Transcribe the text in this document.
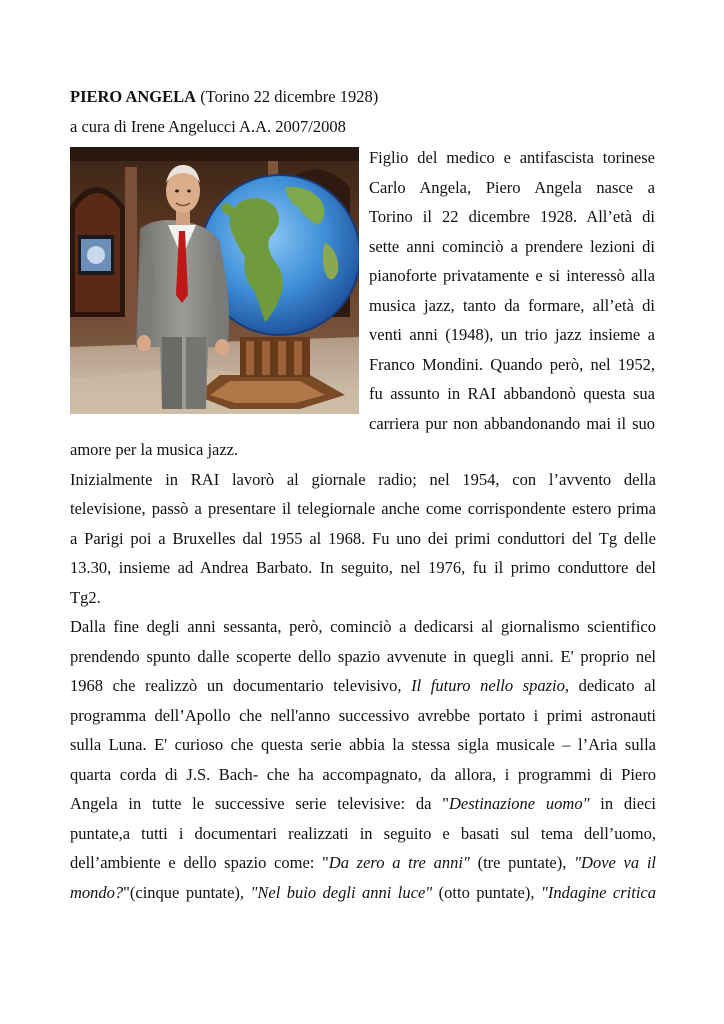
PIERO ANGELA (Torino 22 dicembre 1928)
a cura di Irene Angelucci A.A. 2007/2008
Figlio del medico e antifascista torinese
Carlo Angela, Piero Angela nasce a
Torino il 22 dicembre 1928. All’età di
sette anni cominciò a prendere lezioni di
pianoforte privatamente e si interessò alla
musica jazz, tanto da formare, all’età di
venti anni (1948), un trio jazz insieme a
Franco Mondini. Quando però, nel 1952,
fu assunto in RAI abbandonò questa sua
carriera pur non abbandonando mai il suo
amore per la musica jazz.
Inizialmente in RAI lavorò al giornale radio; nel 1954, con l’avvento della
televisione, passò a presentare il telegiornale anche come corrispondente estero prima
a Parigi poi a Bruxelles dal 1955 al 1968. Fu uno dei primi conduttori del Tg delle
13.30, insieme ad Andrea Barbato. In seguito, nel 1976, fu il primo conduttore del
Tg2.
Dalla fine degli anni sessanta, però, cominciò a dedicarsi al giornalismo scientifico
prendendo spunto dalle scoperte dello spazio avvenute in quegli anni. E' proprio nel
1968 che realizzò un documentario televisivo, Il futuro nello spazio, dedicato al
programma dell’Apollo che nell'anno successivo avrebbe portato i primi astronauti
sulla Luna. E' curioso che questa serie abbia la stessa sigla musicale – l’Aria sulla
quarta corda di J.S. Bach- che ha accompagnato, da allora, i programmi di Piero
Angela in tutte le successive serie televisive: da "Destinazione uomo" in dieci
puntate,a tutti i documentari realizzati in seguito e basati sul tema dell’uomo,
dell’ambiente e dello spazio come: "Da zero a tre anni" (tre puntate), "Dove va il
mondo?"(cinque puntate), "Nel buio degli anni luce" (otto puntate), "Indagine critica
